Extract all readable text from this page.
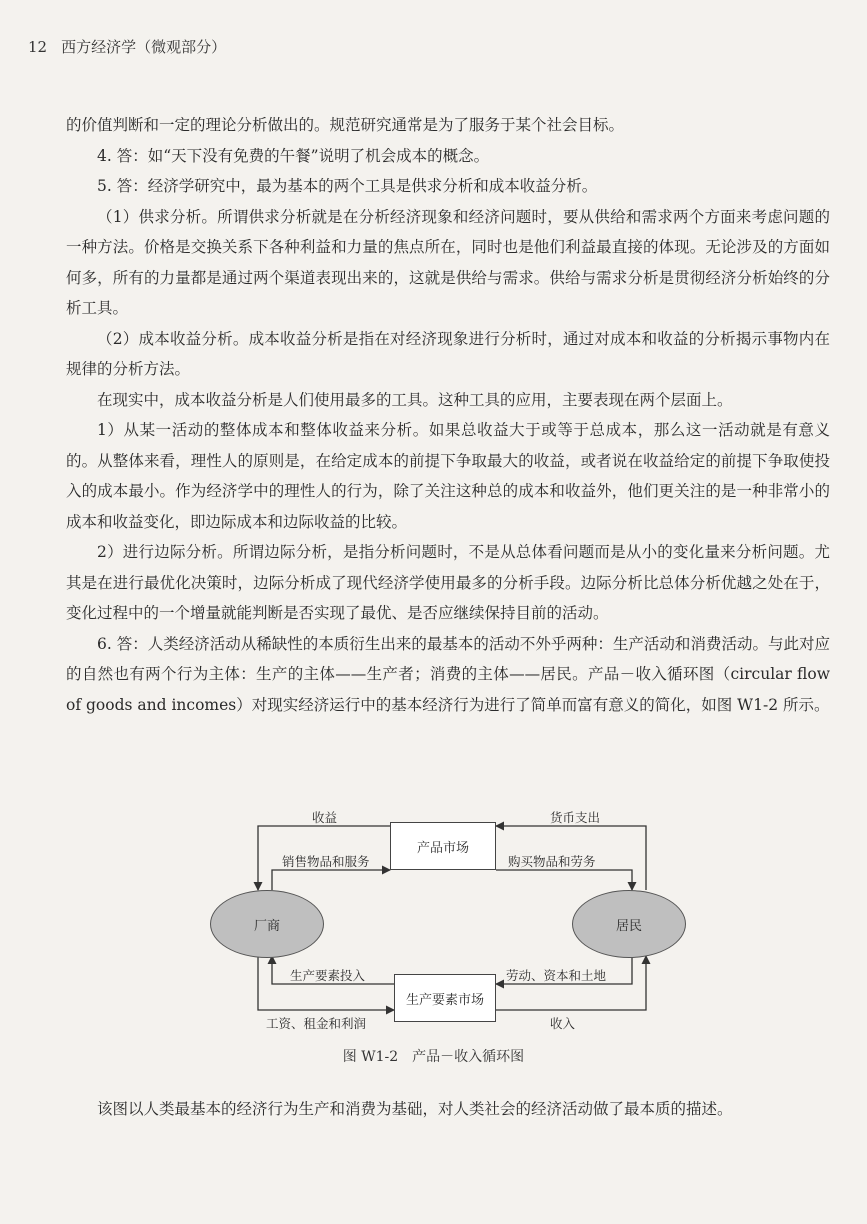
12 西方经济学（微观部分）

的价值判断和一定的理论分析做出的。规范研究通常是为了服务于某个社会目标。

4. 答：如“天下没有免费的午餐”说明了机会成本的概念。

5. 答：经济学研究中，最为基本的两个工具是供求分析和成本收益分析。

（1）供求分析。所谓供求分析就是在分析经济现象和经济问题时，要从供给和需求两个方面来考虑问题的一种方法。价格是交换关系下各种利益和力量的焦点所在，同时也是他们利益最直接的体现。无论涉及的方面如何多，所有的力量都是通过两个渠道表现出来的，这就是供给与需求。供给与需求分析是贯彻经济分析始终的分析工具。

（2）成本收益分析。成本收益分析是指在对经济现象进行分析时，通过对成本和收益的分析揭示事物内在规律的分析方法。

在现实中，成本收益分析是人们使用最多的工具。这种工具的应用，主要表现在两个层面上。

1）从某一活动的整体成本和整体收益来分析。如果总收益大于或等于总成本，那么这一活动就是有意义的。从整体来看，理性人的原则是，在给定成本的前提下争取最大的收益，或者说在收益给定的前提下争取使投入的成本最小。作为经济学中的理性人的行为，除了关注这种总的成本和收益外，他们更关注的是一种非常小的成本和收益变化，即边际成本和边际收益的比较。

2）进行边际分析。所谓边际分析，是指分析问题时，不是从总体看问题而是从小的变化量来分析问题。尤其是在进行最优化决策时，边际分析成了现代经济学使用最多的分析手段。边际分析比总体分析优越之处在于，变化过程中的一个增量就能判断是否实现了最优、是否应继续保持目前的活动。

6. 答：人类经济活动从稀缺性的本质衍生出来的最基本的活动不外乎两种：生产活动和消费活动。与此对应的自然也有两个行为主体：生产的主体——生产者；消费的主体——居民。产品－收入循环图（circular flow of goods and incomes）对现实经济运行中的基本经济行为进行了简单而富有意义的简化，如图 W1-2 所示。

产品市场
生产要素市场
厂商	居民
收益
销售物品和服务
货币支出
购买物品和劳务
生产要素投入
工资、租金和利润
劳动、资本和土地
收入
图 W1-2　产品－收入循环图

该图以人类最基本的经济行为生产和消费为基础，对人类社会的经济活动做了最本质的描述。
